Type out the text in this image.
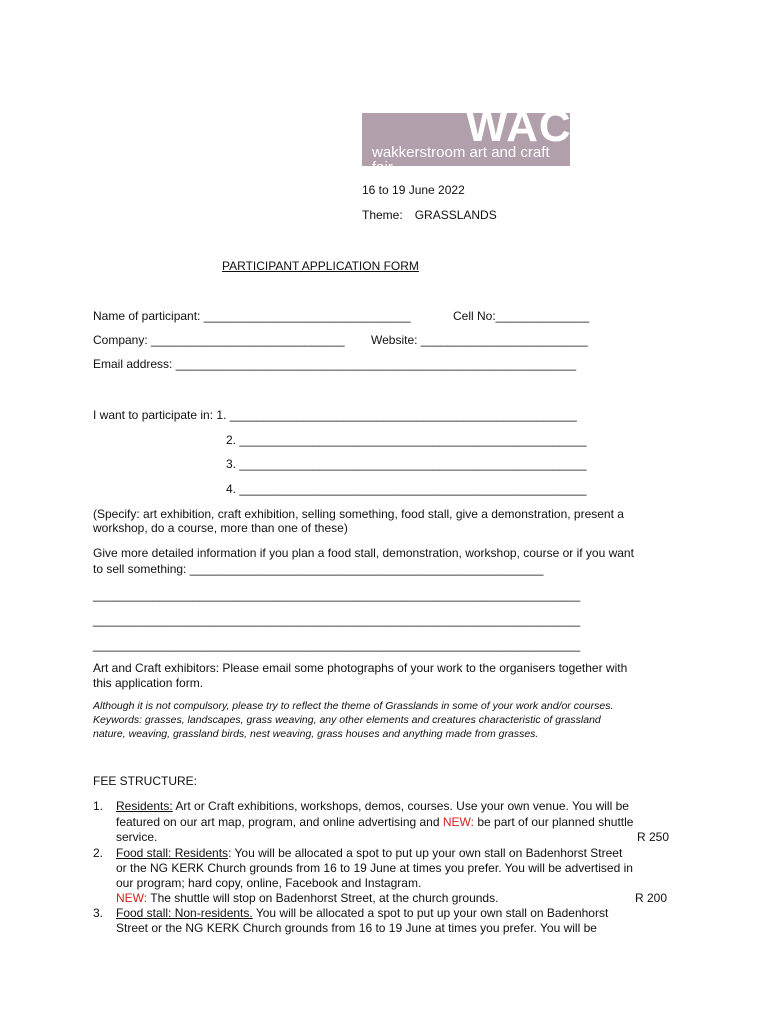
WACF
wakkerstroom art and craft fair
16 to 19 June 2022
Theme: GRASSLANDS
PARTICIPANT APPLICATION FORM
Name of participant: _______________________________	Cell No:______________
Company: _____________________________ Website: _________________________
Email address: ____________________________________________________________
I want to participate in: 1. ____________________________________________________
2. ____________________________________________________
3. ____________________________________________________
4. ____________________________________________________
(Specify: art exhibition, craft exhibition, selling something, food stall, give a demonstration, present a
workshop, do a course, more than one of these)
Give more detailed information if you plan a food stall, demonstration, workshop, course or if you want
to sell something: _____________________________________________________
_________________________________________________________________________
_________________________________________________________________________
_________________________________________________________________________
Art and Craft exhibitors: Please email some photographs of your work to the organisers together with
this application form.
Although it is not compulsory, please try to reflect the theme of Grasslands in some of your work and/or courses.
Keywords: grasses, landscapes, grass weaving, any other elements and creatures characteristic of grassland
nature, weaving, grassland birds, nest weaving, grass houses and anything made from grasses.
FEE STRUCTURE:
1. Residents: Art or Craft exhibitions, workshops, demos, courses. Use your own venue. You will be
featured on our art map, program, and online advertising and NEW: be part of our planned shuttle
service.	R 250
2. Food stall: Residents: You will be allocated a spot to put up your own stall on Badenhorst Street
or the NG KERK Church grounds from 16 to 19 June at times you prefer. You will be advertised in
our program; hard copy, online, Facebook and Instagram.
NEW: The shuttle will stop on Badenhorst Street, at the church grounds.	R 200
3. Food stall: Non-residents. You will be allocated a spot to put up your own stall on Badenhorst
Street or the NG KERK Church grounds from 16 to 19 June at times you prefer. You will be
